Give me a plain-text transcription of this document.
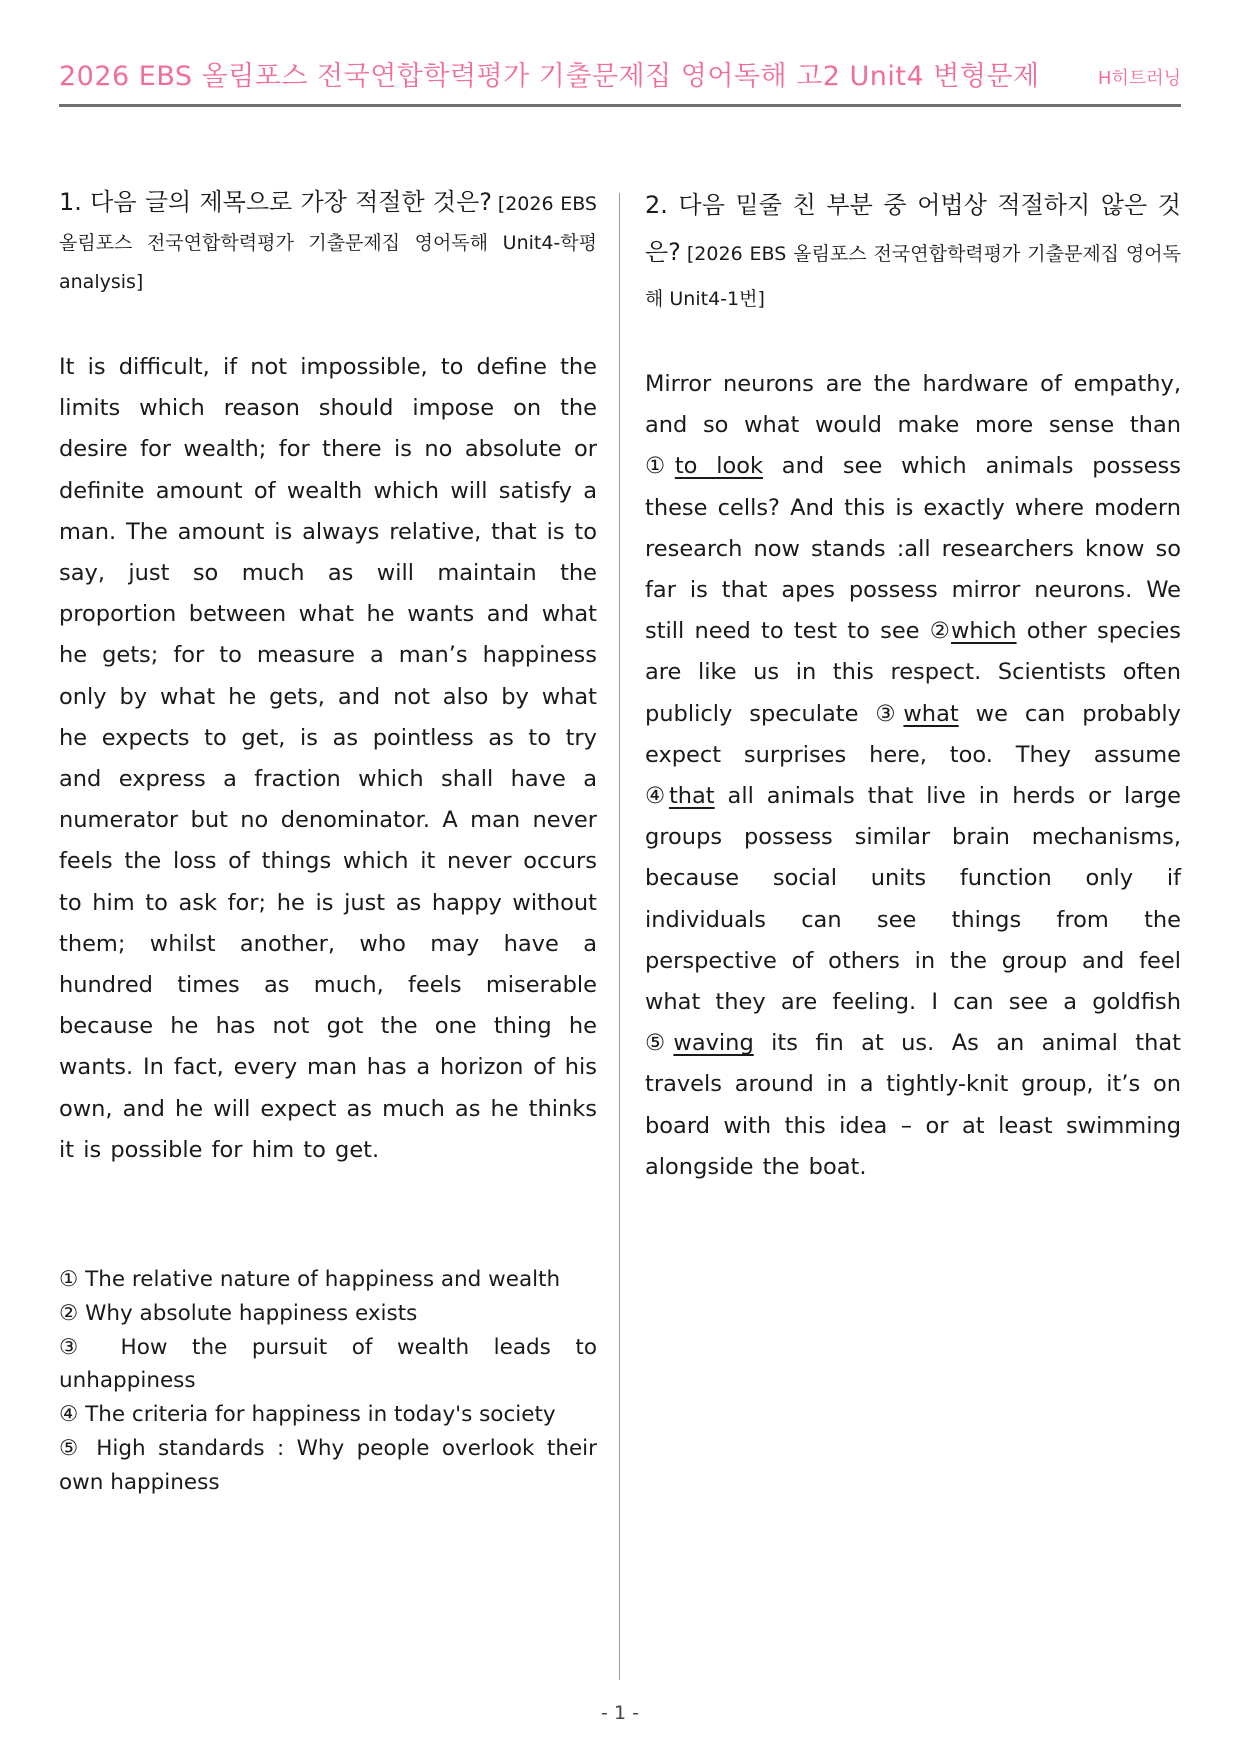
2026 EBS 올림포스 전국연합학력평가 기출문제집 영어독해 고2 Unit4 변형문제	H히트러닝

1. 다음 글의 제목으로 가장 적절한 것은? [2026 EBS 올림포스 전국연합학력평가 기출문제집 영어독해 Unit4-학평analysis]

It is difficult, if not impossible, to define the limits which reason should impose on the desire for wealth; for there is no absolute or definite amount of wealth which will satisfy a man. The amount is always relative, that is to say, just so much as will maintain the proportion between what he wants and what he gets; for to measure a man’s happiness only by what he gets, and not also by what he expects to get, is as pointless as to try and express a fraction which shall have a numerator but no denominator. A man never feels the loss of things which it never occurs to him to ask for; he is just as happy without them; whilst another, who may have a hundred times as much, feels miserable because he has not got the one thing he wants. In fact, every man has a horizon of his own, and he will expect as much as he thinks it is possible for him to get.

① The relative nature of happiness and wealth
② Why absolute happiness exists
③ How the pursuit of wealth leads to unhappiness
④ The criteria for happiness in today's society
⑤ High standards : Why people overlook their own happiness

2. 다음 밑줄 친 부분 중 어법상 적절하지 않은 것은? [2026 EBS 올림포스 전국연합학력평가 기출문제집 영어독해 Unit4-1번]

Mirror neurons are the hardware of empathy, and so what would make more sense than ①to look and see which animals possess these cells? And this is exactly where modern research now stands :all researchers know so far is that apes possess mirror neurons. We still need to test to see ②which other species are like us in this respect. Scientists often publicly speculate ③what we can probably expect surprises here, too. They assume ④that all animals that live in herds or large groups possess similar brain mechanisms, because social units function only if individuals can see things from the perspective of others in the group and feel what they are feeling. I can see a goldfish ⑤waving its fin at us. As an animal that travels around in a tightly-knit group, it’s on board with this idea – or at least swimming alongside the boat.

- 1 -
